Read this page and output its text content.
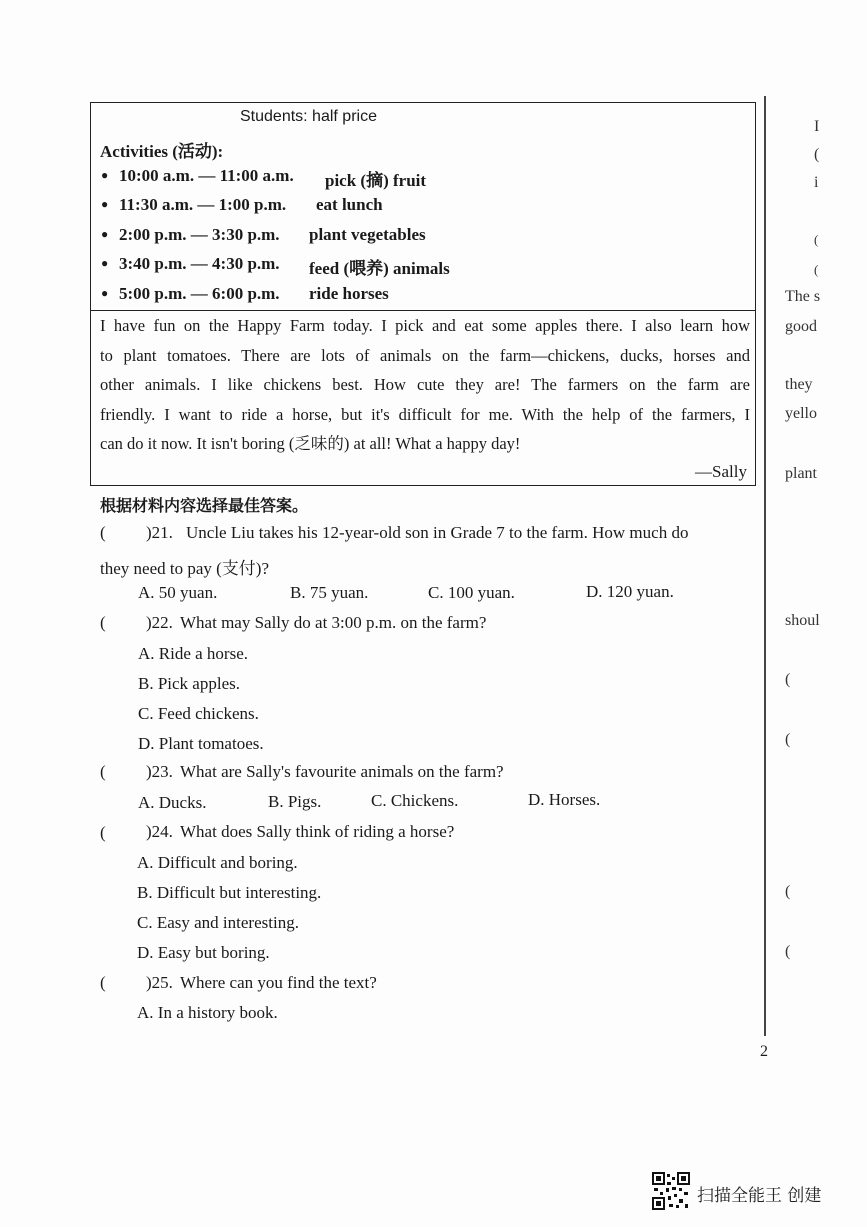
Students: half price
Activities (活动):
● 10:00 a.m. — 11:00 a.m. pick (摘) fruit
● 11:30 a.m. — 1:00 p.m. eat lunch
● 2:00 p.m. — 3:30 p.m. plant vegetables
● 3:40 p.m. — 4:30 p.m. feed (喂养) animals
● 5:00 p.m. — 6:00 p.m. ride horses
I have fun on the Happy Farm today. I pick and eat some apples there. I also learn how
to plant tomatoes. There are lots of animals on the farm—chickens, ducks, horses and
other animals. I like chickens best. How cute they are! The farmers on the farm are
friendly. I want to ride a horse, but it's difficult for me. With the help of the farmers, I
can do it now. It isn't boring (乏味的) at all! What a happy day!
—Sally
根据材料内容选择最佳答案。
( )21. Uncle Liu takes his 12-year-old son in Grade 7 to the farm. How much do
they need to pay (支付)?
A. 50 yuan.	B. 75 yuan.	C. 100 yuan.	D. 120 yuan.
( )22. What may Sally do at 3:00 p.m. on the farm?
A. Ride a horse.
B. Pick apples.
C. Feed chickens.
D. Plant tomatoes.
( )23. What are Sally's favourite animals on the farm?
A. Ducks.	B. Pigs.	C. Chickens.	D. Horses.
( )24. What does Sally think of riding a horse?
A. Difficult and boring.
B. Difficult but interesting.
C. Easy and interesting.
D. Easy but boring.
( )25. Where can you find the text?
A. In a history book.
I
(
i
(
(
The s
good
they
yello
plant
shoul
(
(
(
(
2
扫描全能王 创建
